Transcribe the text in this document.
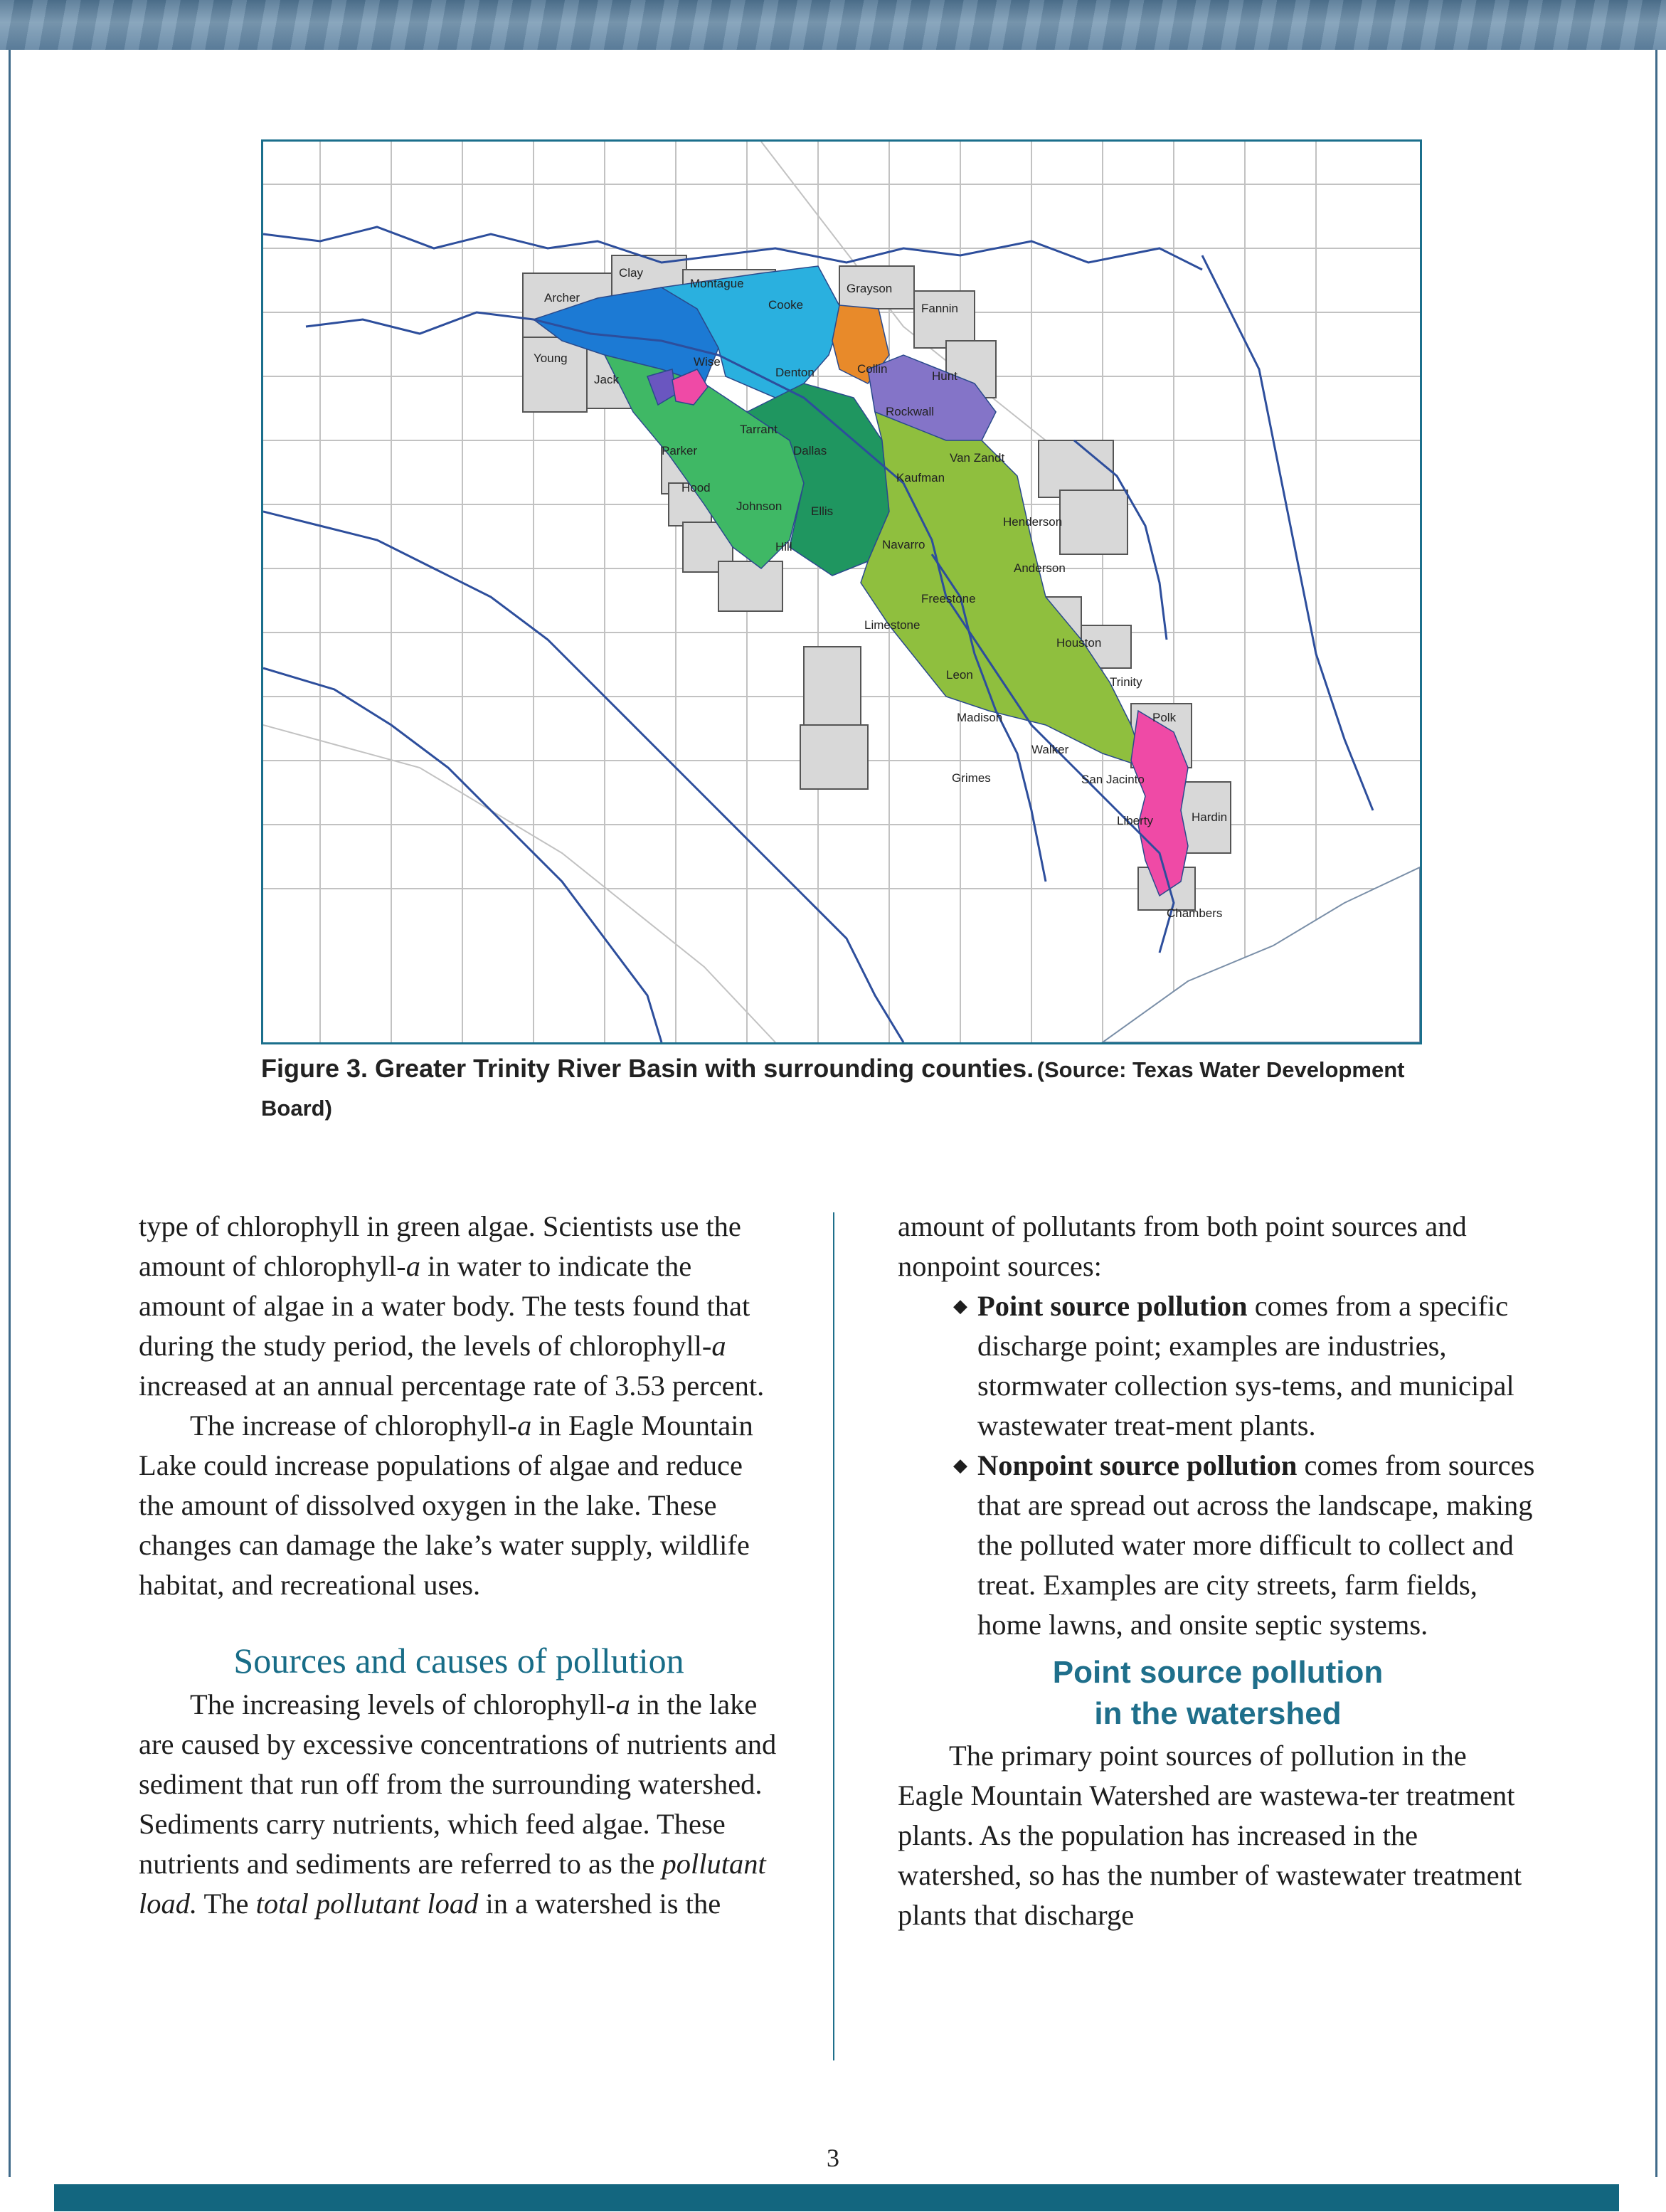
Archer
Clay
Montague
Cooke
Grayson
Fannin
Young
Jack
Wise
Denton	Collin
Hunt
Parker
Tarrant
Dallas
Rockwall
Kaufman
Van Zandt
Hood
Johnson Ellis
Henderson
Hill	Navarro
Anderson
Freestone
Limestone
Houston
Trinity
Leon
Madison	Polk
Walker
Grimes	San Jacinto
Liberty	Hardin
Chambers
Figure 3. Greater Trinity River Basin with surrounding counties. (Source: Texas Water Development Board)

type of chlorophyll in green algae. Scientists use the amount of chlorophyll-a in water to indicate the amount of algae in a water body. The tests found that during the study period, the levels of chlorophyll-a increased at an annual percentage rate of 3.53 percent.

The increase of chlorophyll-a in Eagle Mountain Lake could increase populations of algae and reduce the amount of dissolved oxygen in the lake. These changes can damage the lake’s water supply, wildlife habitat, and recreational uses.

Sources and causes of pollution

The increasing levels of chlorophyll-a in the lake are caused by excessive concentrations of nutrients and sediment that run off from the surrounding watershed. Sediments carry nutrients, which feed algae. These nutrients and sediments are referred to as the pollutant load. The total pollutant load in a watershed is the

amount of pollutants from both point sources and nonpoint sources:

◆ Point source pollution comes from a specific discharge point; examples are industries, stormwater collection sys-tems, and municipal wastewater treat-ment plants.
◆ Nonpoint source pollution comes from sources that are spread out across the landscape, making the polluted water more difficult to collect and treat. Examples are city streets, farm fields, home lawns, and onsite septic systems.
Point source pollution
in the watershed

The primary point sources of pollution in the Eagle Mountain Watershed are wastewa-ter treatment plants. As the population has increased in the watershed, so has the number of wastewater treatment plants that discharge

3
